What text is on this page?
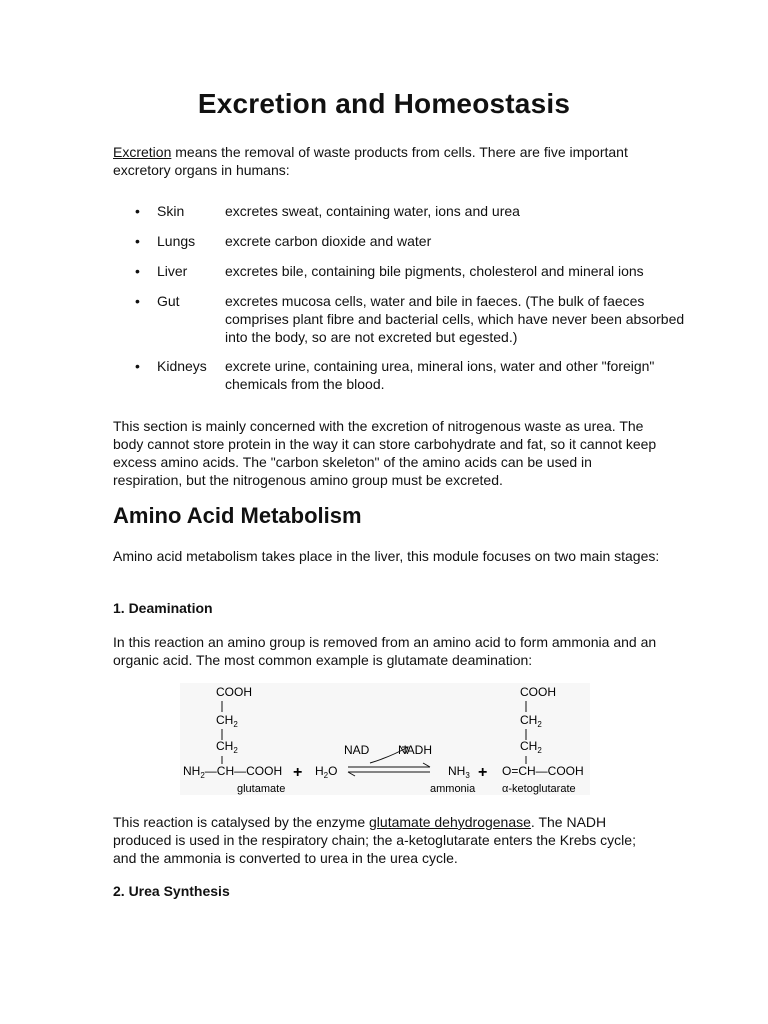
Excretion and Homeostasis

Excretion means the removal of waste products from cells. There are five important excretory organs in humans:

• Skin	excretes sweat, containing water, ions and urea
• Lungs excrete carbon dioxide and water
• Liver	excretes bile, containing bile pigments, cholesterol and mineral ions
• Gut	excretes mucosa cells, water and bile in faeces. (The bulk of faeces comprises plant fibre and bacterial cells, which have never been absorbed into the body, so are not excreted but egested.)
• Kidneys excrete urine, containing urea, mineral ions, water and other "foreign" chemicals from the blood.

This section is mainly concerned with the excretion of nitrogenous waste as urea. The body cannot store protein in the way it can store carbohydrate and fat, so it cannot keep excess amino acids. The "carbon skeleton" of the amino acids can be used in respiration, but the nitrogenous amino group must be excreted.

Amino Acid Metabolism

Amino acid metabolism takes place in the liver, this module focuses on two main stages:

1. Deamination

In this reaction an amino group is removed from an amino acid to form ammonia and an organic acid. The most common example is glutamate deamination:

COOH
$CH_2$
$CH_2$
$NH_2—CH—COOH$
glutamate
+ $H_2O$
NAD NADH
$NH_3$ +
ammonia
COOH
$CH_2$
$CH_2$
O=CH—COOH
α-ketoglutarate

This reaction is catalysed by the enzyme glutamate dehydrogenase. The NADH produced is used in the respiratory chain; the a-ketoglutarate enters the Krebs cycle; and the ammonia is converted to urea in the urea cycle.

2. Urea Synthesis
